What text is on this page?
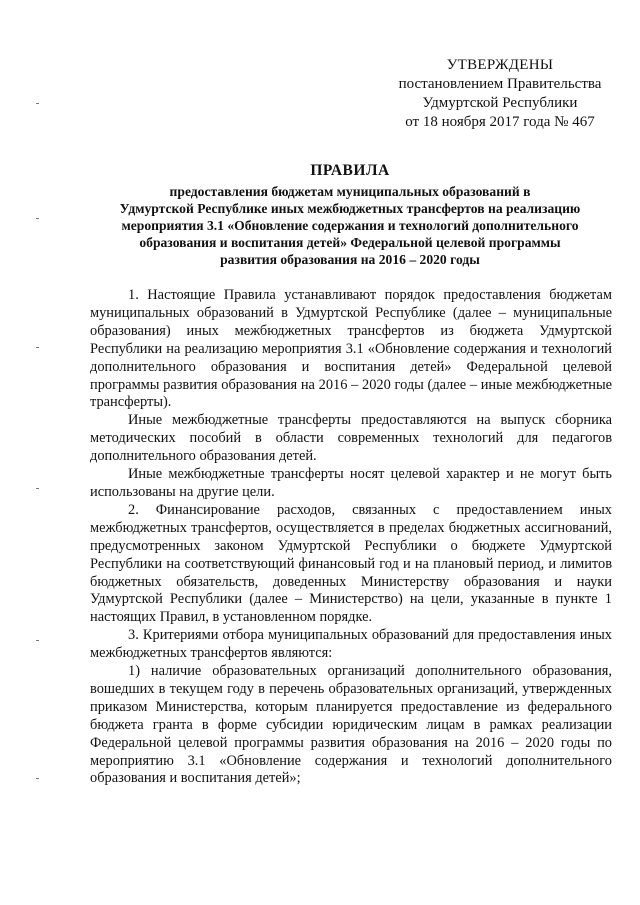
УТВЕРЖДЕНЫ
постановлением Правительства
Удмуртской Республики
от 18 ноября 2017 года № 467
ПРАВИЛА
предоставления бюджетам муниципальных образований в
Удмуртской Республике иных межбюджетных трансфертов на реализацию
мероприятия 3.1 «Обновление содержания и технологий дополнительного
образования и воспитания детей» Федеральной целевой программы
развития образования на 2016 – 2020 годы

1. Настоящие Правила устанавливают порядок предоставления бюджетам муниципальных образований в Удмуртской Республике (далее – муниципальные образования) иных межбюджетных трансфертов из бюджета Удмуртской Республики на реализацию мероприятия 3.1 «Обновление содержания и технологий дополнительного образования и воспитания детей» Федеральной целевой программы развития образования на 2016 – 2020 годы (далее – иные межбюджетные трансферты).

Иные межбюджетные трансферты предоставляются на выпуск сборника методических пособий в области современных технологий для педагогов дополнительного образования детей.

Иные межбюджетные трансферты носят целевой характер и не могут быть использованы на другие цели.

2. Финансирование расходов, связанных с предоставлением иных межбюджетных трансфертов, осуществляется в пределах бюджетных ассигнований, предусмотренных законом Удмуртской Республики о бюджете Удмуртской Республики на соответствующий финансовый год и на плановый период, и лимитов бюджетных обязательств, доведенных Министерству образования и науки Удмуртской Республики (далее – Министерство) на цели, указанные в пункте 1 настоящих Правил, в установленном порядке.

3. Критериями отбора муниципальных образований для предоставления иных межбюджетных трансфертов являются:

1) наличие образовательных организаций дополнительного образования, вошедших в текущем году в перечень образовательных организаций, утвержденных приказом Министерства, которым планируется предоставление из федерального бюджета гранта в форме субсидии юридическим лицам в рамках реализации Федеральной целевой программы развития образования на 2016 – 2020 годы по мероприятию 3.1 «Обновление содержания и технологий дополнительного образования и воспитания детей»;
